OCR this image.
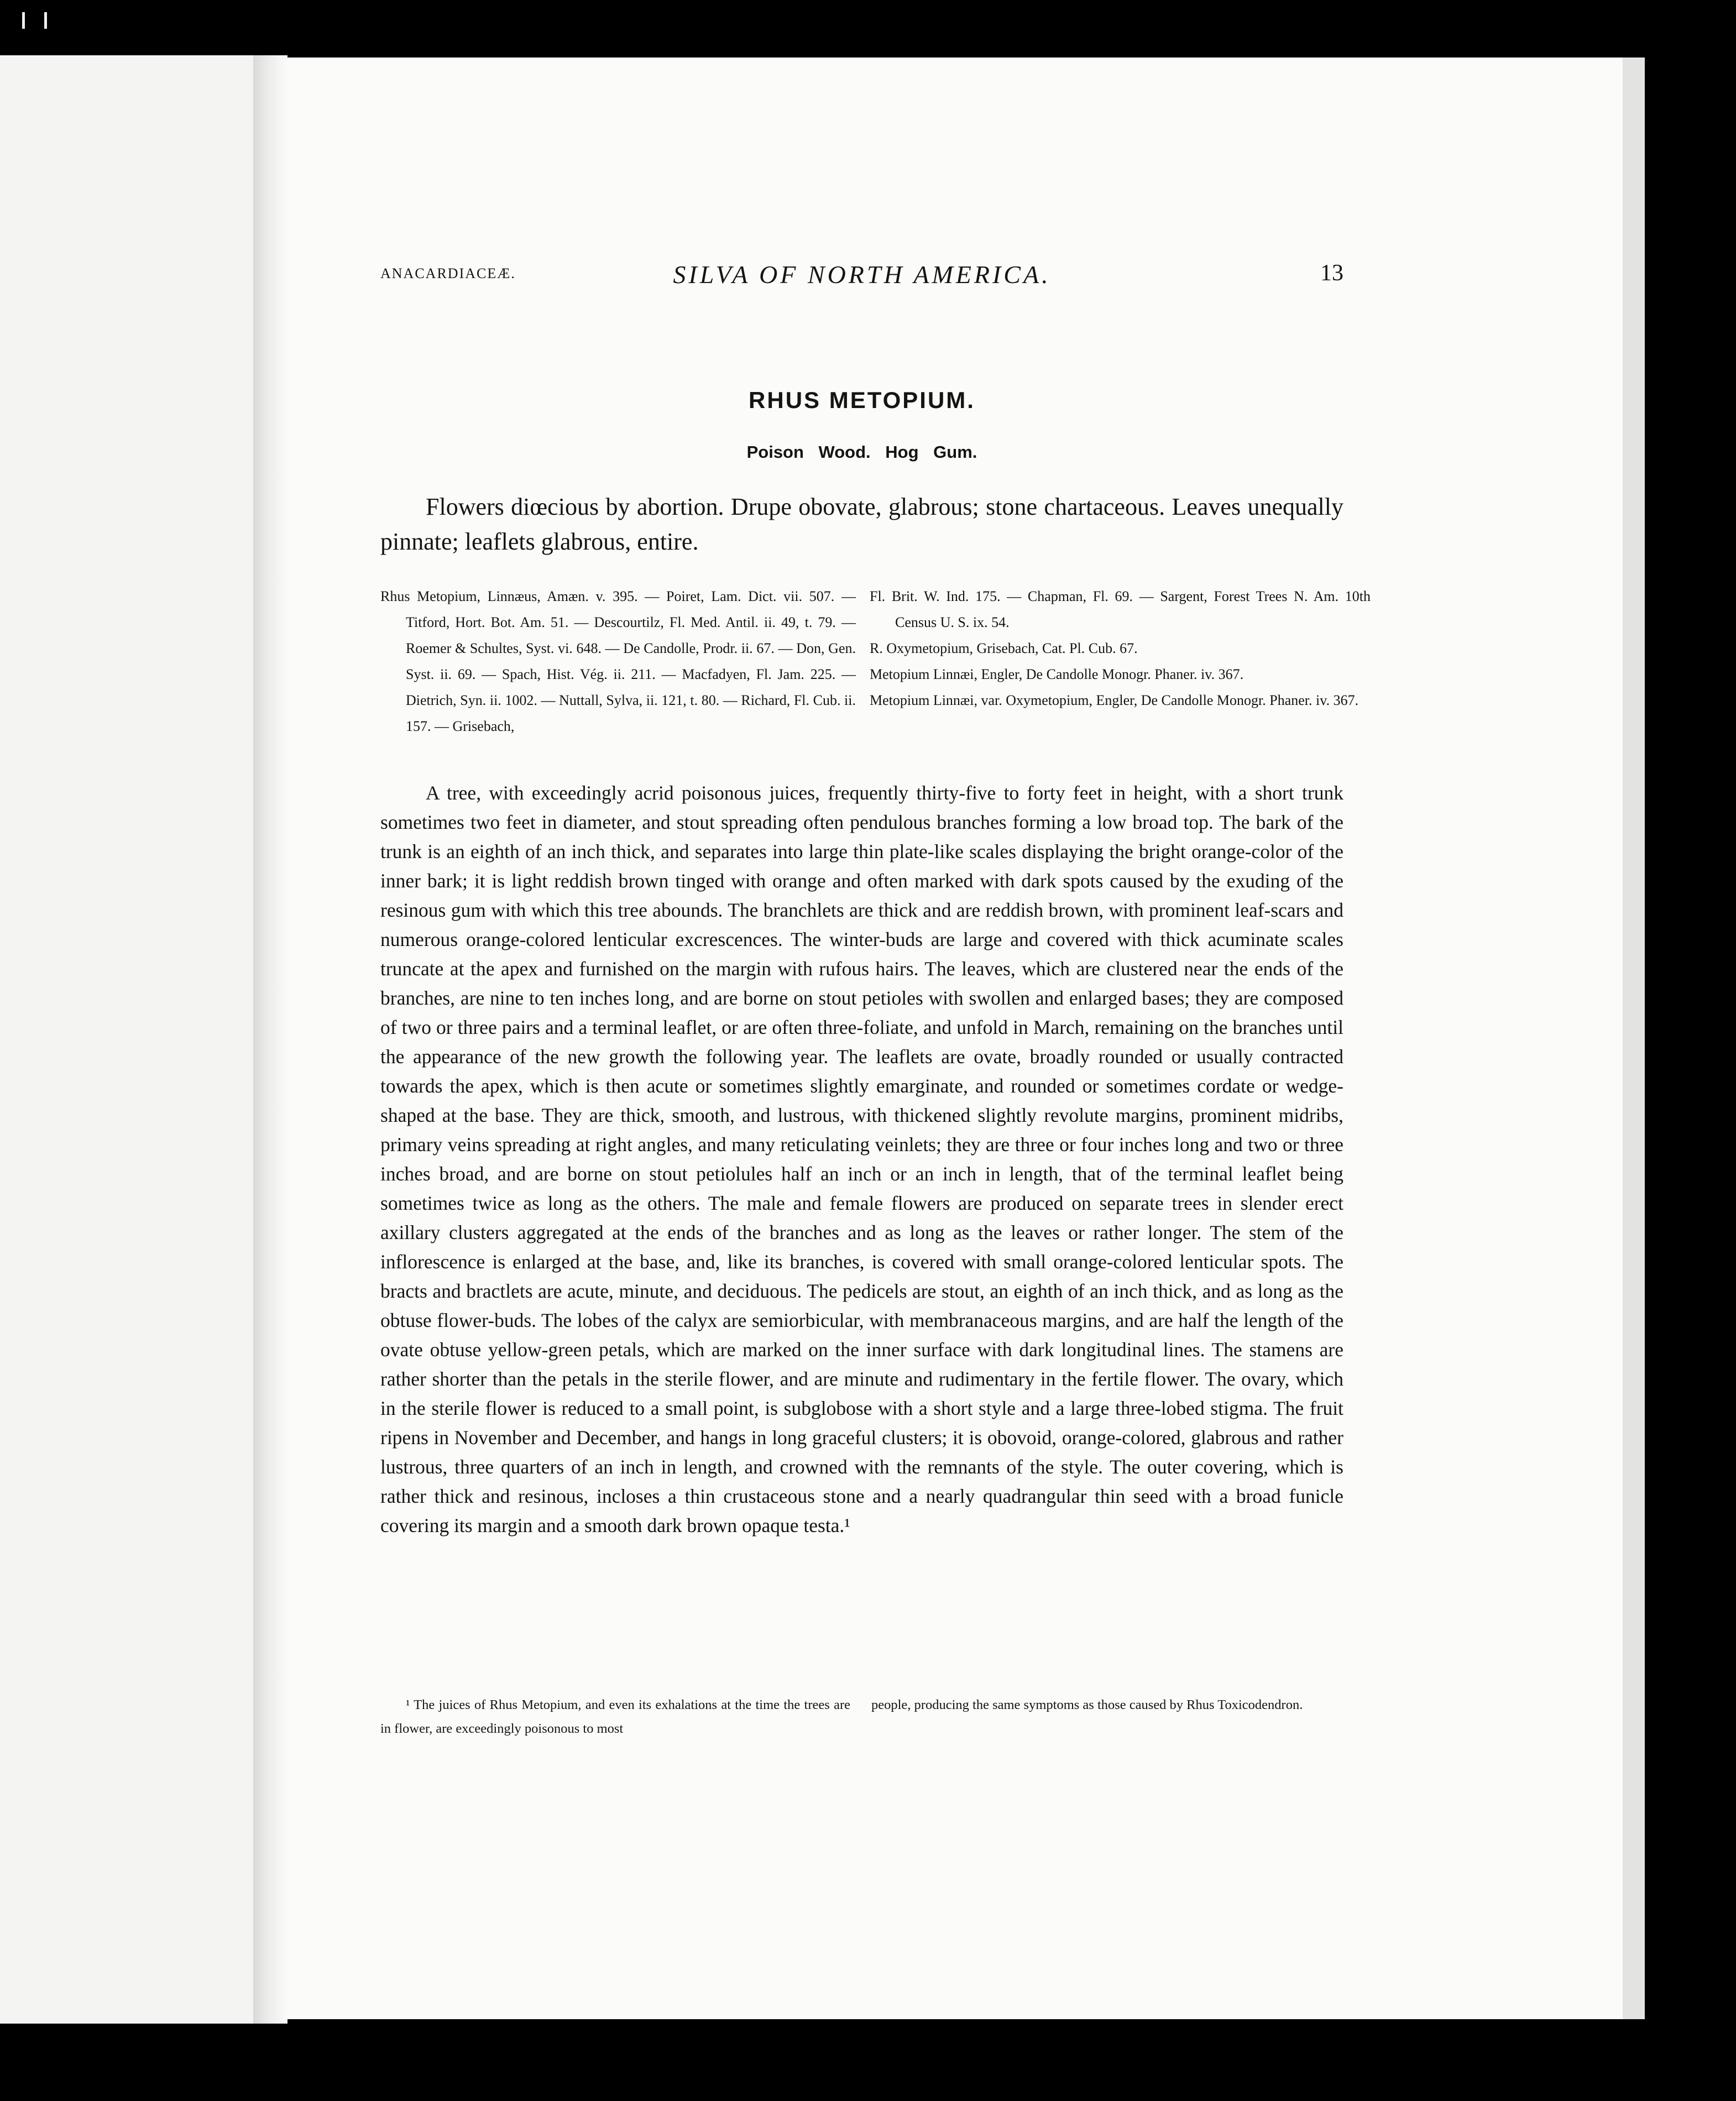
ANACARDIACEÆ.	SILVA OF NORTH AMERICA.	13
RHUS METOPIUM.
Poison Wood. Hog Gum.
Flowers diœcious by abortion. Drupe obovate, glabrous; stone chartaceous. Leaves unequally pinnate; leaflets glabrous, entire.
Rhus Metopium, Linnæus, Amæn. v. 395. — Poiret, Lam. Dict. vii. 507. — Titford, Hort. Bot. Am. 51. — Descourtilz, Fl. Med. Antil. ii. 49, t. 79. — Roemer & Schultes, Syst. vi. 648. — De Candolle, Prodr. ii. 67. — Don, Gen. Syst. ii. 69. — Spach, Hist. Vég. ii. 211. — Macfadyen, Fl. Jam. 225. — Dietrich, Syn. ii. 1002. — Nuttall, Sylva, ii. 121, t. 80. — Richard, Fl. Cub. ii. 157. — Grisebach,
Fl. Brit. W. Ind. 175. — Chapman, Fl. 69. — Sargent, Forest Trees N. Am. 10th Census U. S. ix. 54.
R. Oxymetopium, Grisebach, Cat. Pl. Cub. 67.
Metopium Linnæi, Engler, De Candolle Monogr. Phaner. iv. 367.
Metopium Linnæi, var. Oxymetopium, Engler, De Candolle Monogr. Phaner. iv. 367.
A tree, with exceedingly acrid poisonous juices, frequently thirty-five to forty feet in height, with a short trunk sometimes two feet in diameter, and stout spreading often pendulous branches forming a low broad top. The bark of the trunk is an eighth of an inch thick, and separates into large thin plate-like scales displaying the bright orange-color of the inner bark; it is light reddish brown tinged with orange and often marked with dark spots caused by the exuding of the resinous gum with which this tree abounds. The branchlets are thick and are reddish brown, with prominent leaf-scars and numerous orange-colored lenticular excrescences. The winter-buds are large and covered with thick acuminate scales truncate at the apex and furnished on the margin with rufous hairs. The leaves, which are clustered near the ends of the branches, are nine to ten inches long, and are borne on stout petioles with swollen and enlarged bases; they are composed of two or three pairs and a terminal leaflet, or are often three-foliate, and unfold in March, remaining on the branches until the appearance of the new growth the following year. The leaflets are ovate, broadly rounded or usually contracted towards the apex, which is then acute or sometimes slightly emarginate, and rounded or sometimes cordate or wedge-shaped at the base. They are thick, smooth, and lustrous, with thickened slightly revolute margins, prominent midribs, primary veins spreading at right angles, and many reticulating veinlets; they are three or four inches long and two or three inches broad, and are borne on stout petiolules half an inch or an inch in length, that of the terminal leaflet being sometimes twice as long as the others. The male and female flowers are produced on separate trees in slender erect axillary clusters aggregated at the ends of the branches and as long as the leaves or rather longer. The stem of the inflorescence is enlarged at the base, and, like its branches, is covered with small orange-colored lenticular spots. The bracts and bractlets are acute, minute, and deciduous. The pedicels are stout, an eighth of an inch thick, and as long as the obtuse flower-buds. The lobes of the calyx are semiorbicular, with membranaceous margins, and are half the length of the ovate obtuse yellow-green petals, which are marked on the inner surface with dark longitudinal lines. The stamens are rather shorter than the petals in the sterile flower, and are minute and rudimentary in the fertile flower. The ovary, which in the sterile flower is reduced to a small point, is subglobose with a short style and a large three-lobed stigma. The fruit ripens in November and December, and hangs in long graceful clusters; it is obovoid, orange-colored, glabrous and rather lustrous, three quarters of an inch in length, and crowned with the remnants of the style. The outer covering, which is rather thick and resinous, incloses a thin crustaceous stone and a nearly quadrangular thin seed with a broad funicle covering its margin and a smooth dark brown opaque testa.¹
¹ The juices of Rhus Metopium, and even its exhalations at the time the trees are in flower, are exceedingly poisonous to most
people, producing the same symptoms as those caused by Rhus Toxicodendron.
